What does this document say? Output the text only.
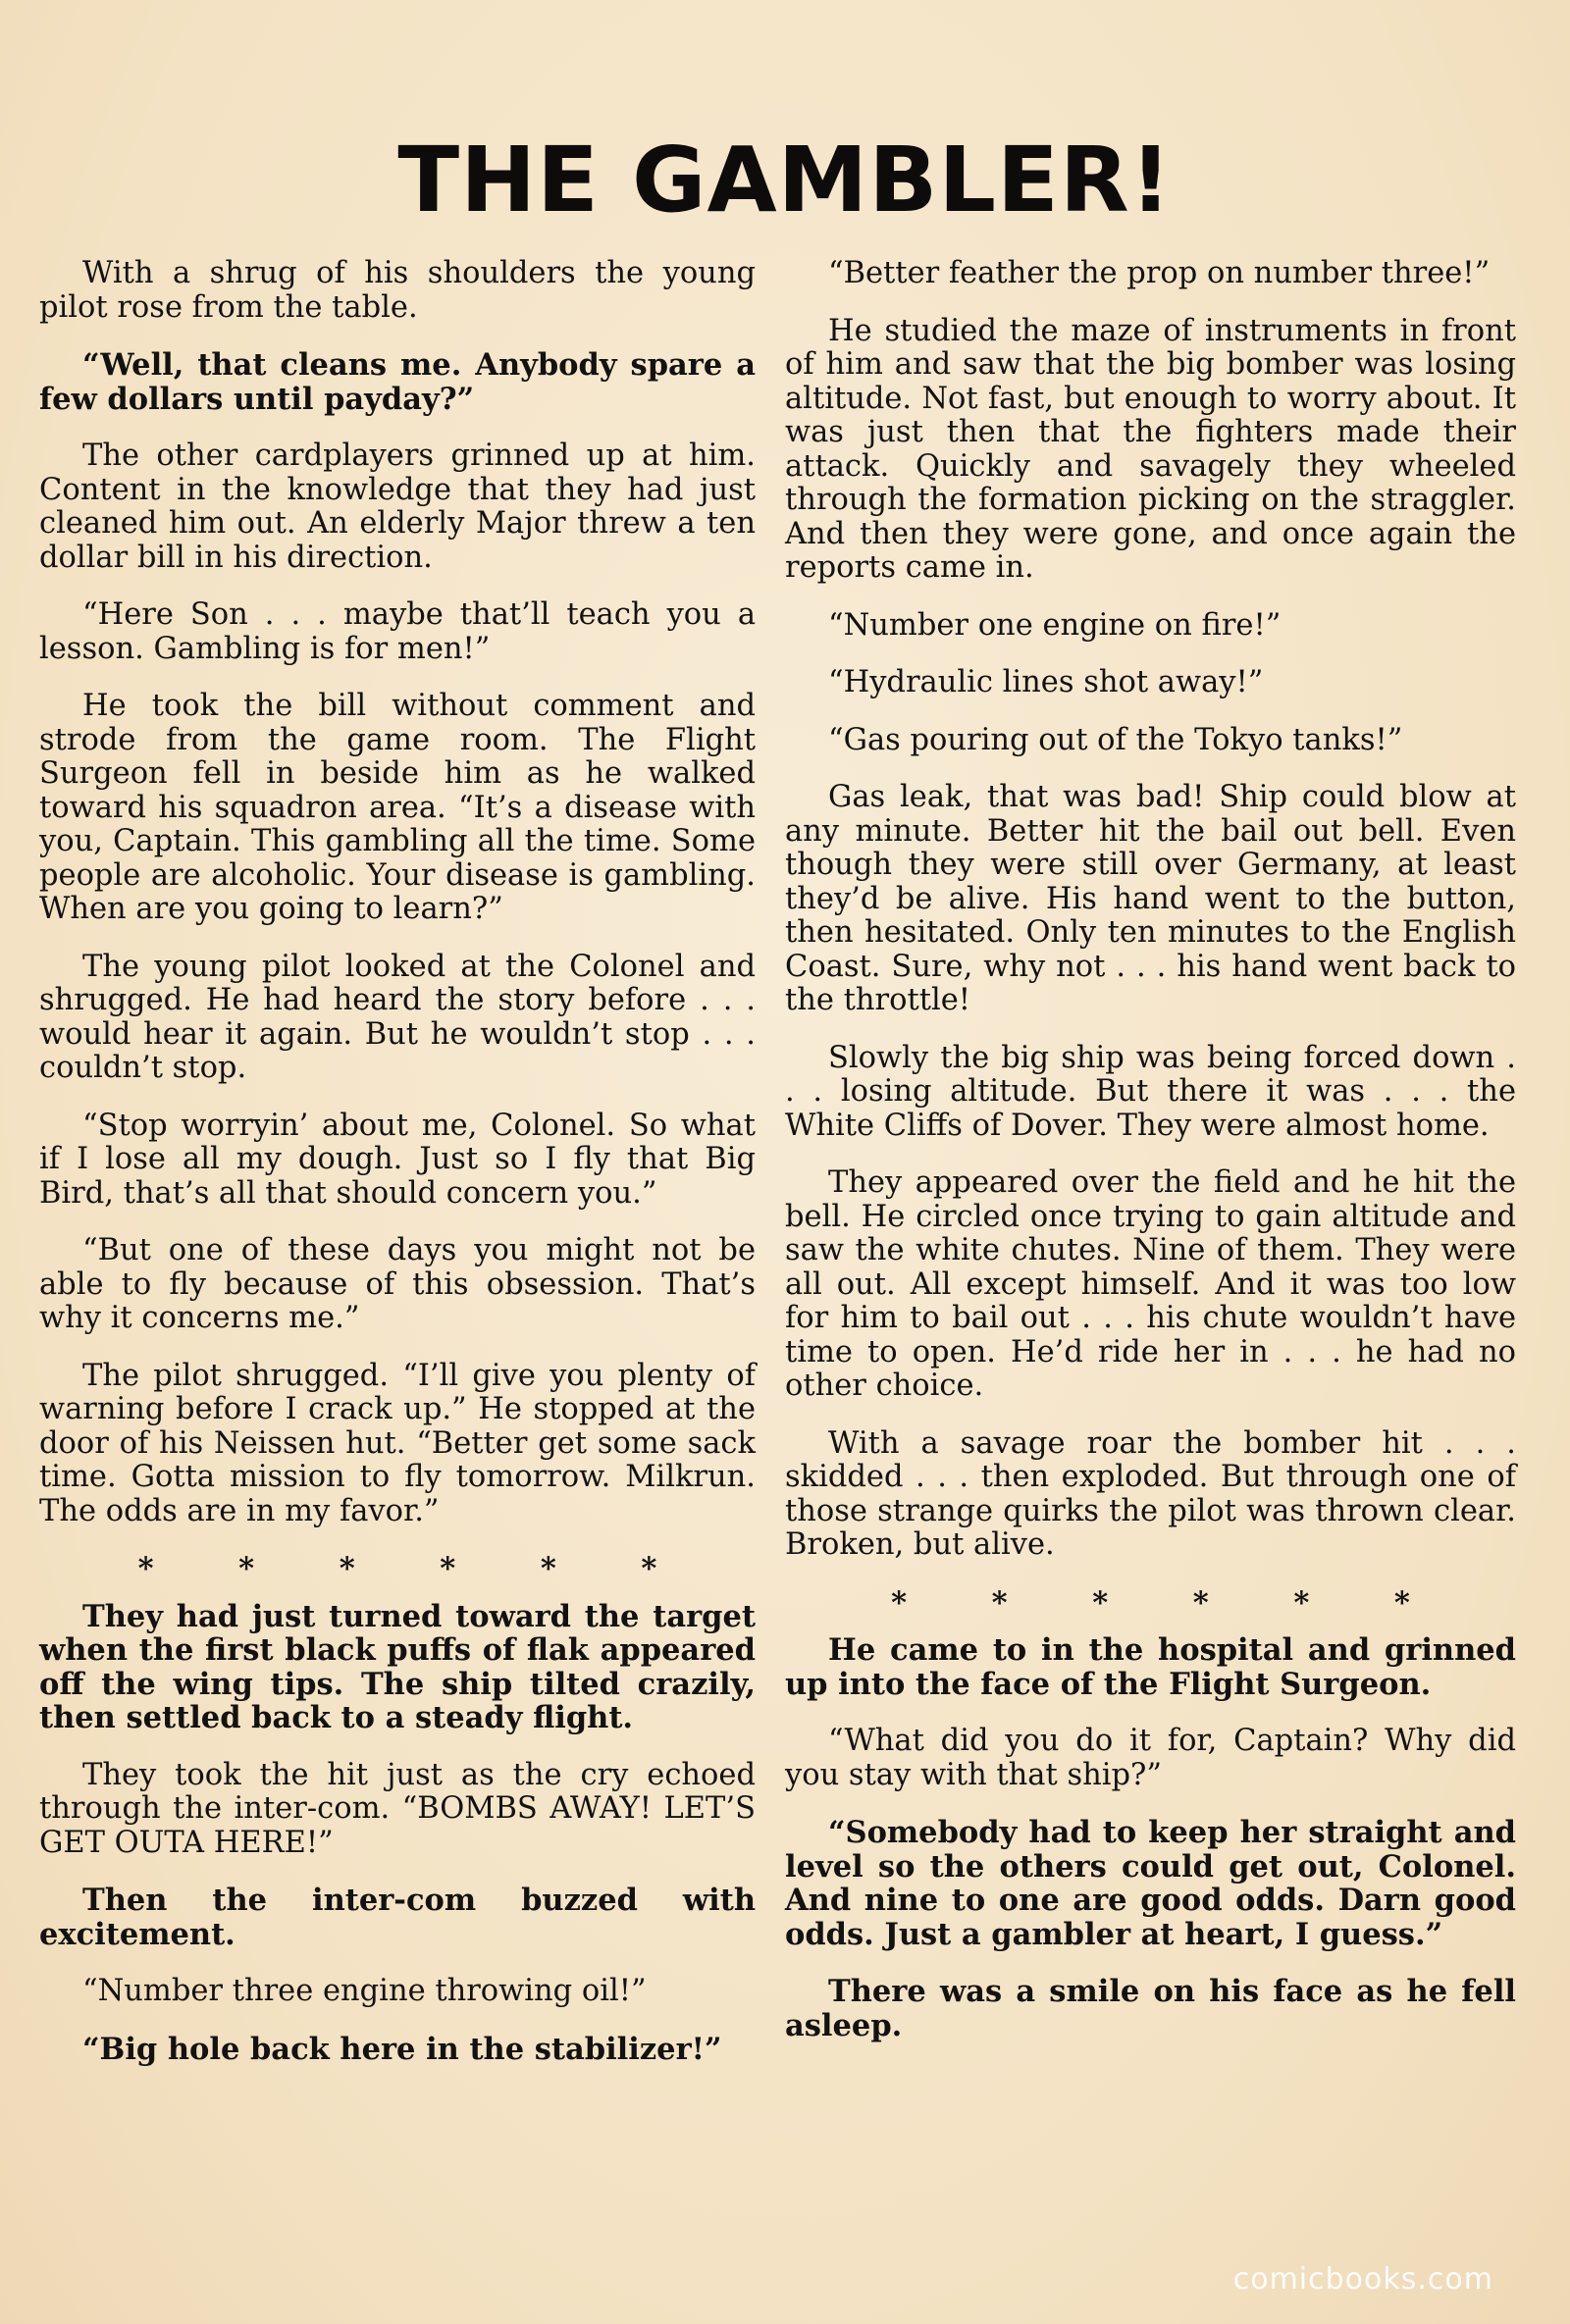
THE GAMBLER!

With a shrug of his shoulders the young pilot rose from the table.

“Well, that cleans me. Anybody spare a few dollars until payday?”

The other cardplayers grinned up at him. Content in the knowledge that they had just cleaned him out. An elderly Major threw a ten dollar bill in his direction.

“Here Son . . . maybe that’ll teach you a lesson. Gambling is for men!”

He took the bill without comment and strode from the game room. The Flight Surgeon fell in beside him as he walked toward his squadron area. “It’s a disease with you, Captain. This gambling all the time. Some people are alcoholic. Your disease is gambling. When are you going to learn?”

The young pilot looked at the Colonel and shrugged. He had heard the story before . . . would hear it again. But he wouldn’t stop . . . couldn’t stop.

“Stop worryin’ about me, Colonel. So what if I lose all my dough. Just so I fly that Big Bird, that’s all that should concern you.”

“But one of these days you might not be able to fly because of this obsession. That’s why it concerns me.”

The pilot shrugged. “I’ll give you plenty of warning before I crack up.” He stopped at the door of his Neissen hut. “Better get some sack time. Gotta mission to fly tomorrow. Milkrun. The odds are in my favor.”

* * * * * *

They had just turned toward the target when the first black puffs of flak appeared off the wing tips. The ship tilted crazily, then settled back to a steady flight.

They took the hit just as the cry echoed through the inter-com. “BOMBS AWAY! LET’S GET OUTA HERE!”

Then the inter-com buzzed with excitement.

“Number three engine throwing oil!”

“Big hole back here in the stabilizer!”

“Better feather the prop on number three!”

He studied the maze of instruments in front of him and saw that the big bomber was losing altitude. Not fast, but enough to worry about. It was just then that the fighters made their attack. Quickly and savagely they wheeled through the formation picking on the straggler. And then they were gone, and once again the reports came in.

“Number one engine on fire!”

“Hydraulic lines shot away!”

“Gas pouring out of the Tokyo tanks!”

Gas leak, that was bad! Ship could blow at any minute. Better hit the bail out bell. Even though they were still over Germany, at least they’d be alive. His hand went to the button, then hesitated. Only ten minutes to the English Coast. Sure, why not . . . his hand went back to the throttle!

Slowly the big ship was being forced down . . . losing altitude. But there it was . . . the White Cliffs of Dover. They were almost home.

They appeared over the field and he hit the bell. He circled once trying to gain altitude and saw the white chutes. Nine of them. They were all out. All except himself. And it was too low for him to bail out . . . his chute wouldn’t have time to open. He’d ride her in . . . he had no other choice.

With a savage roar the bomber hit . . . skidded . . . then exploded. But through one of those strange quirks the pilot was thrown clear. Broken, but alive.

* * * * * *

He came to in the hospital and grinned up into the face of the Flight Surgeon.

“What did you do it for, Captain? Why did you stay with that ship?”

“Somebody had to keep her straight and level so the others could get out, Colonel. And nine to one are good odds. Darn good odds. Just a gambler at heart, I guess.”

There was a smile on his face as he fell asleep.

comicbooks.com
